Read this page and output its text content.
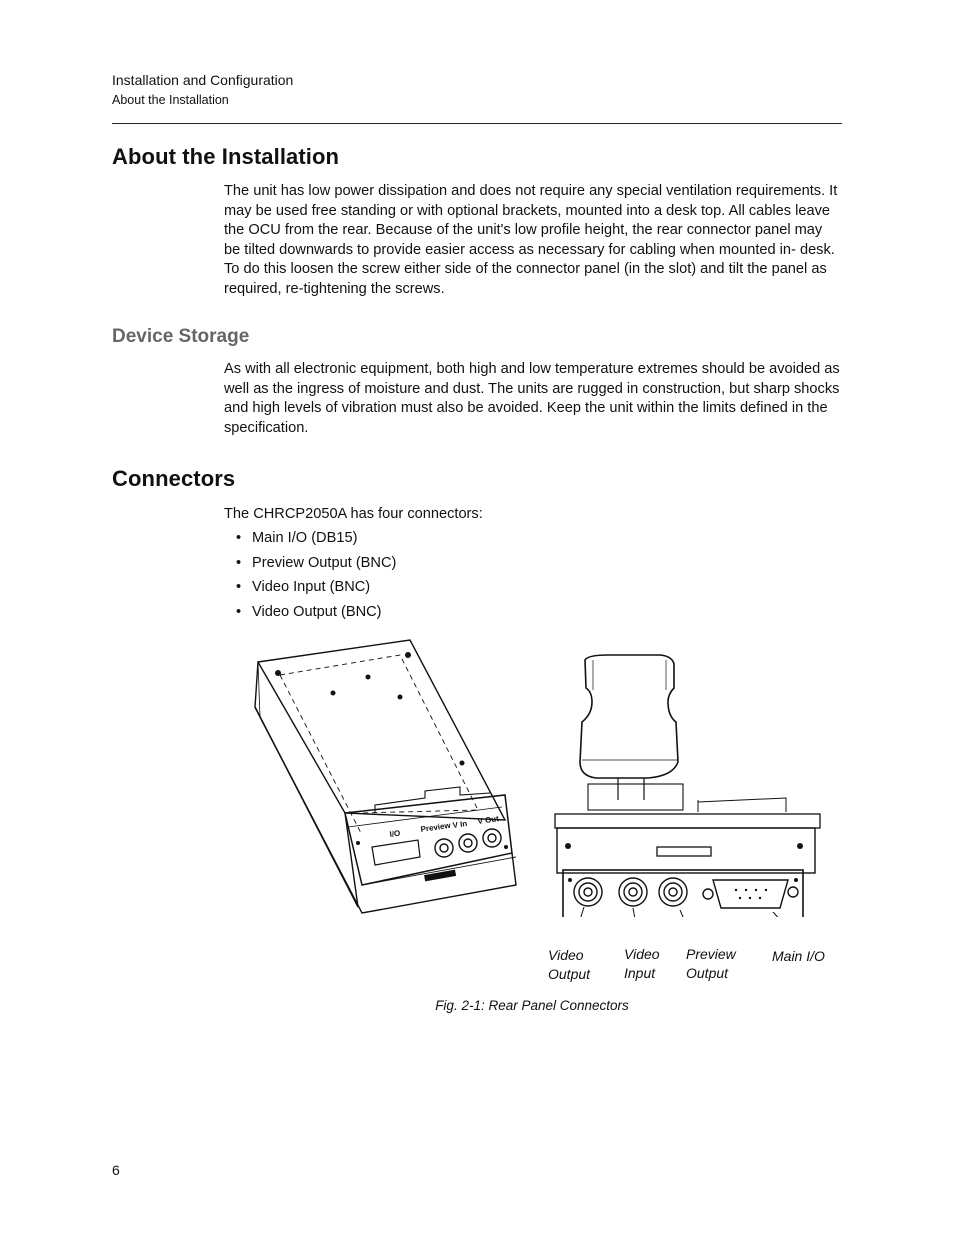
Installation and Configuration
About the Installation
About the Installation

The unit has low power dissipation and does not require any special ventilation requirements. It may be used free standing or with optional brackets, mounted into a desk top. All cables leave the OCU from the rear. Because of the unit's low profile height, the rear connector panel may be tilted downwards to provide easier access as necessary for cabling when mounted in- desk. To do this loosen the screw either side of the connector panel (in the slot) and tilt the panel as required, re-tightening the screws.

Device Storage

As with all electronic equipment, both high and low temperature extremes should be avoided as well as the ingress of moisture and dust. The units are rugged in construction, but sharp shocks and high levels of vibration must also be avoided. Keep the unit within the limits defined in the specification.

Connectors

The CHRCP2050A has four connectors:

• Main I/O (DB15)
• Preview Output (BNC)
• Video Input (BNC)
• Video Output (BNC)
I/O Preview V In V Out
Video
Output
Video
Input
Preview
Output
Main I/O
Fig. 2-1: Rear Panel Connectors
6
